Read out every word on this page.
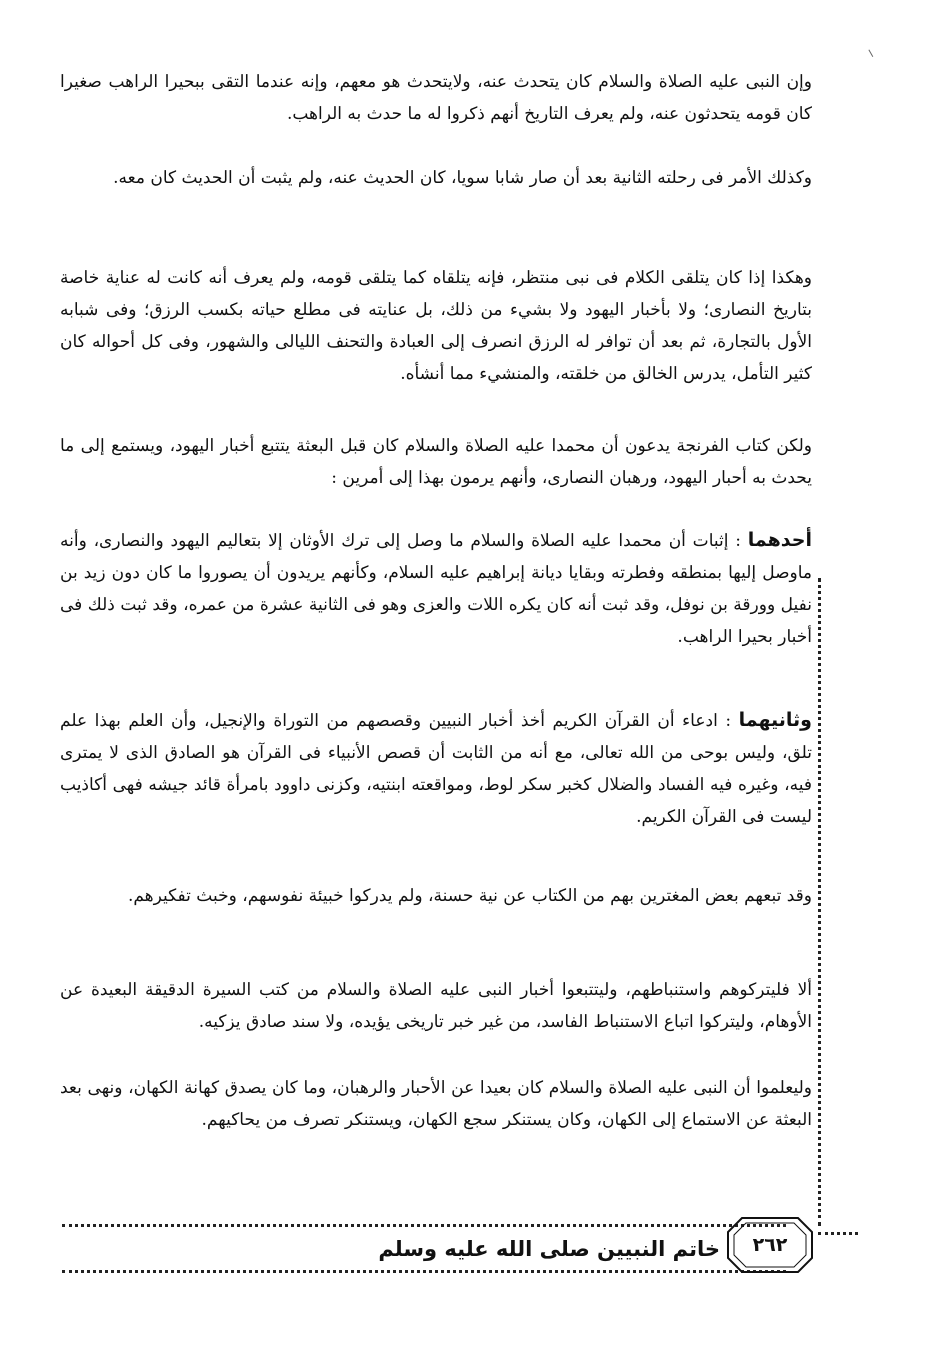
وإن النبى عليه الصلاة والسلام كان يتحدث عنه، ولايتحدث هو معهم، وإنه عندما التقى ببحيرا الراهب صغيرا كان قومه يتحدثون عنه، ولم يعرف التاريخ أنهم ذكروا له ما حدث به الراهب.

وكذلك الأمر فى رحلته الثانية بعد أن صار شابا سويا، كان الحديث عنه، ولم يثبت أن الحديث كان معه.

وهكذا إذا كان يتلقى الكلام فى نبى منتظر، فإنه يتلقاه كما يتلقى قومه، ولم يعرف أنه كانت له عناية خاصة بتاريخ النصارى؛ ولا بأخبار اليهود ولا بشيء من ذلك، بل عنايته فى مطلع حياته بكسب الرزق؛ وفى شبابه الأول بالتجارة، ثم بعد أن توافر له الرزق انصرف إلى العبادة والتحنف الليالى والشهور، وفى كل أحواله كان كثير التأمل، يدرس الخالق من خلقته، والمنشيء مما أنشأه.

ولكن كتاب الفرنجة يدعون أن محمدا عليه الصلاة والسلام كان قبل البعثة يتتبع أخبار اليهود، ويستمع إلى ما يحدث به أحبار اليهود، ورهبان النصارى، وأنهم يرمون بهذا إلى أمرين :

أحدهما : إثبات أن محمدا عليه الصلاة والسلام ما وصل إلى ترك الأوثان إلا بتعاليم اليهود والنصارى، وأنه ماوصل إليها بمنطقه وفطرته وبقايا ديانة إبراهيم عليه السلام، وكأنهم يريدون أن يصوروا ما كان دون زيد بن نفيل وورقة بن نوفل، وقد ثبت أنه كان يكره اللات والعزى وهو فى الثانية عشرة من عمره، وقد ثبت ذلك فى أخبار بحيرا الراهب.

وثانيهما : ادعاء أن القرآن الكريم أخذ أخبار النبيين وقصصهم من التوراة والإنجيل، وأن العلم بهذا علم تلق، وليس بوحى من الله تعالى، مع أنه من الثابت أن قصص الأنبياء فى القرآن هو الصادق الذى لا يمترى فيه، وغيره فيه الفساد والضلال كخبر سكر لوط، ومواقعته ابنتيه، وكزنى داوود بامرأة قائد جيشه فهى أكاذيب ليست فى القرآن الكريم.

وقد تبعهم بعض المغترين بهم من الكتاب عن نية حسنة، ولم يدركوا خبيئة نفوسهم، وخبث تفكيرهم.

ألا فليتركوهم واستنباطهم، وليتتبعوا أخبار النبى عليه الصلاة والسلام من كتب السيرة الدقيقة البعيدة عن الأوهام، وليتركوا اتباع الاستنباط الفاسد، من غير خبر تاريخى يؤيده، ولا سند صادق يزكيه.

وليعلموا أن النبى عليه الصلاة والسلام كان بعيدا عن الأحبار والرهبان، وما كان يصدق كهانة الكهان، ونهى بعد البعثة عن الاستماع إلى الكهان، وكان يستنكر سجع الكهان، ويستنكر تصرف من يحاكيهم.

خاتم النبيين صلى الله عليه وسلم	٢٦٢
